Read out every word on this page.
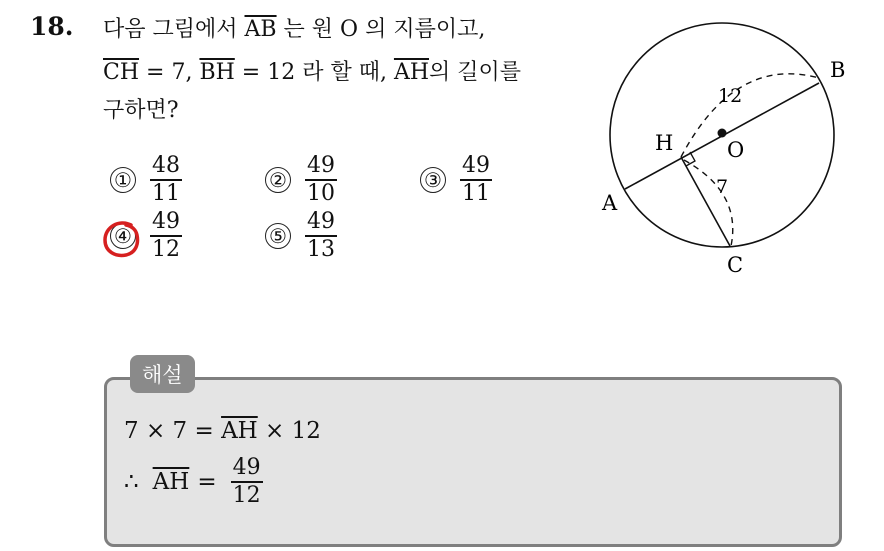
18. 다음 그림에서 $\overline{AB}$ 는 원 O 의 지름이고,
$\overline{CH} = 7$, $\overline{BH} = 12$ 라 할 때, $\overline{AH}$의 길이를
구하면?
① $\frac{48}{11}$	② $\frac{49}{10}$	③ $\frac{49}{11}$
④ $\frac{49}{12}$	⑤ $\frac{49}{13}$
A
B
C
H	O
12
7
해설
$7 \times 7 = \overline{AH} \times 12$
∴ $\overline{AH} = \frac{49}{12}$
